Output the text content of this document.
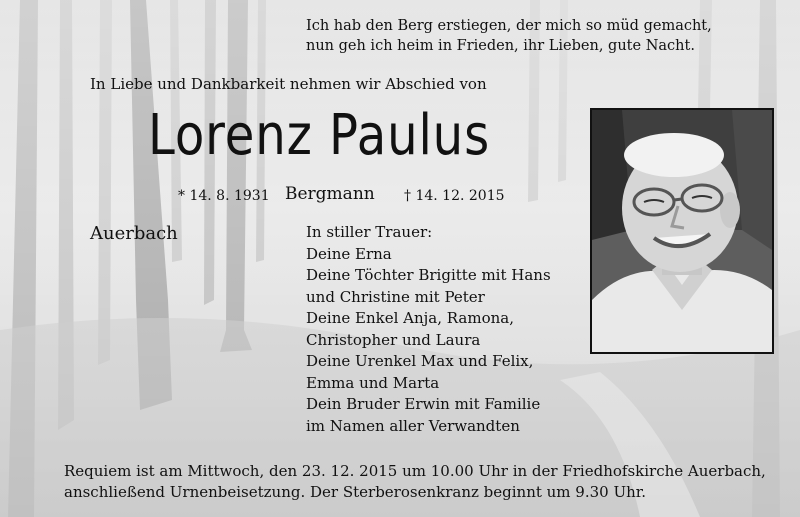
Ich hab den Berg erstiegen, der mich so müd gemacht,
nun geh ich heim in Frieden, ihr Lieben, gute Nacht.
In Liebe und Dankbarkeit nehmen wir Abschied von
Lorenz Paulus
* 14. 8. 1931 Bergmann † 14. 12. 2015
Auerbach	In stiller Trauer:
Deine Erna
Deine Töchter Brigitte mit Hans
und Christine mit Peter
Deine Enkel Anja, Ramona,
Christopher und Laura
Deine Urenkel Max und Felix,
Emma und Marta
Dein Bruder Erwin mit Familie
im Namen aller Verwandten
Requiem ist am Mittwoch, den 23. 12. 2015 um 10.00 Uhr in der Friedhofskirche Auerbach,
anschließend Urnenbeisetzung. Der Sterberosenkranz beginnt um 9.30 Uhr.
